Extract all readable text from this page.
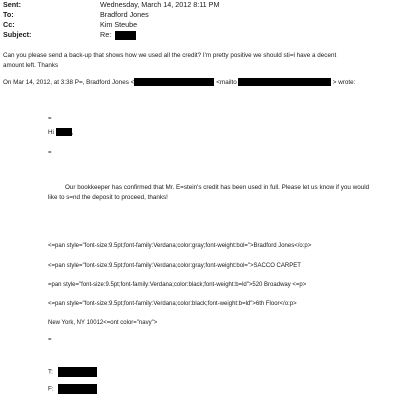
Sent:	Wednesday, March 14, 2012 8:11 PM
To:	Bradford Jones
Cc:	Kim Steube
Subject:	Re:
Can you please send a back-up that shows how we used all the credit? I'm pretty positive we should sti=l have a decent
amount left. Thanks
On Mar 14, 2012, at 3:38 P=, Bradford Jones <	<mailto	> wrote:
=
Hi	,
=
Our bookkeeper has confirmed that Mr. E=stein's credit has been used in full. Please let us know if you would
like to s=nd the deposit to proceed, thanks!
<=pan style="font-size:9.5pt;font-family:Verdana;color:gray;font-weight:bol=">Bradford Jones</o:p>
<=pan style="font-size:9.5pt;font-family:Verdana;color:gray;font-weight:bol=">SACCO CARPET
=pan style="font-size:9.5pt;font-family:Verdana;color:black;font-weight:b=ld">520 Broadway <=p>
<=pan style="font-size:9.5pt;font-family:Verdana;color:black;font-weight:b=ld">6th Floor</o:p>
New York, NY 10012<=ont color="navy">
=
T:
F:
